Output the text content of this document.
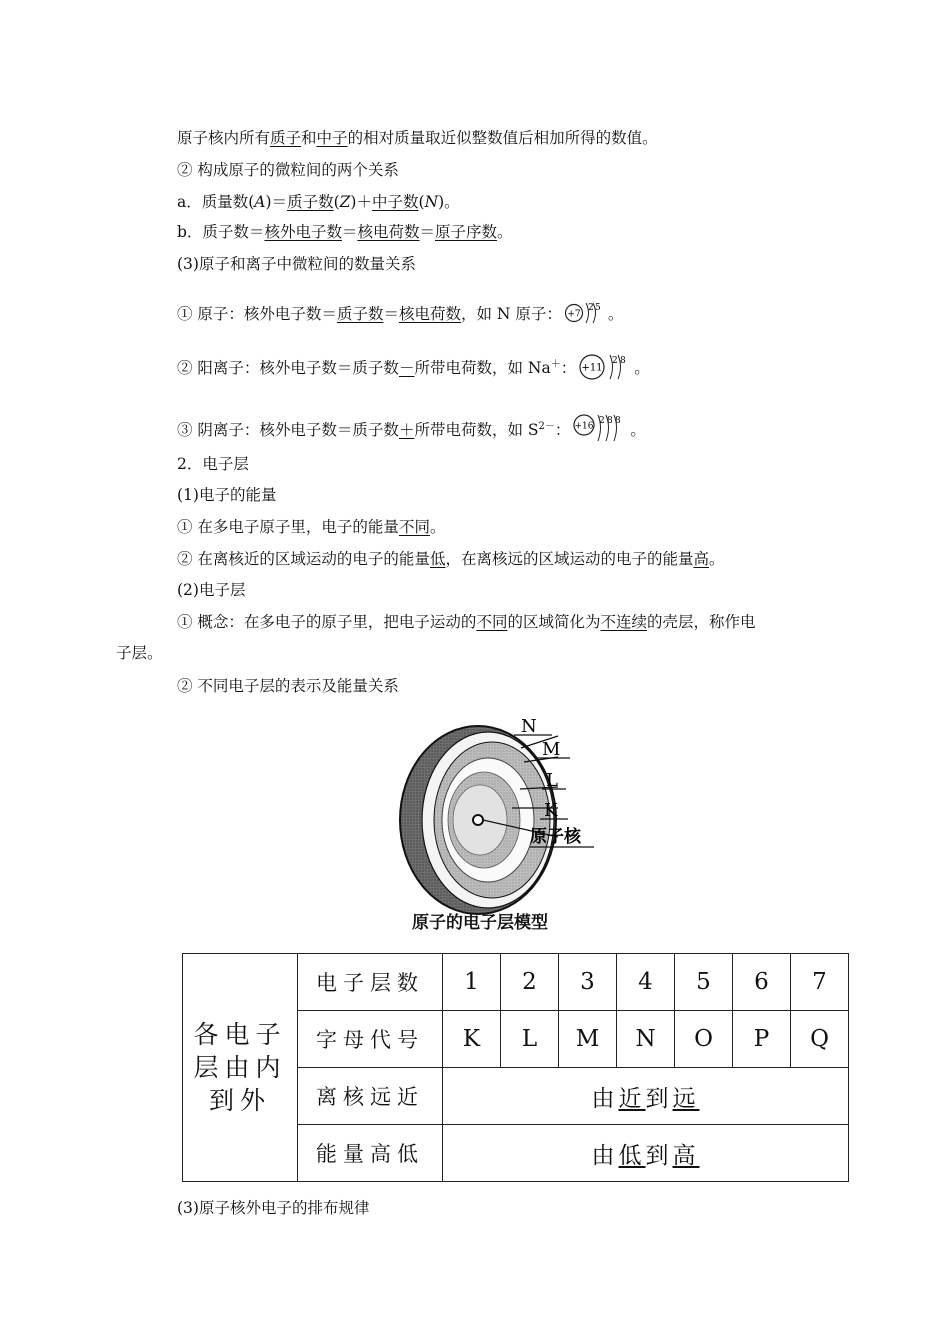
原子核内所有质子和中子的相对质量取近似整数值后相加所得的数值。
② 构成原子的微粒间的两个关系
a．质量数(A)＝质子数(Z)＋中子数(N)。
b．质子数＝核外电子数＝核电荷数＝原子序数。
(3)原子和离子中微粒间的数量关系
① 原子：核外电子数＝质子数＝核电荷数，如 N 原子： +7
2 5 。
② 阳离子：核外电子数＝质子数－所带电荷数，如 Na＋： +11
2 8 。
③ 阴离子：核外电子数＝质子数＋所带电荷数，如 $S^{2-}$： +16
2 8 8 。
2．电子层
(1)电子的能量
① 在多电子原子里，电子的能量不同。
② 在离核近的区域运动的电子的能量低，在离核远的区域运动的电子的能量高。
(2)电子层
① 概念：在多电子的原子里，把电子运动的不同的区域简化为不连续的壳层，称作电
子层。
② 不同电子层的表示及能量关系
N
M
L
K
原子核
原子的电子层模型
各电子
层由内
到外	电子层数	1	2	3	4	5	6	7
	字母代号	K	L	M	N	O	P	Q
	离核远近	由近到远						
	能量高低	由低到高						
(3)原子核外电子的排布规律
